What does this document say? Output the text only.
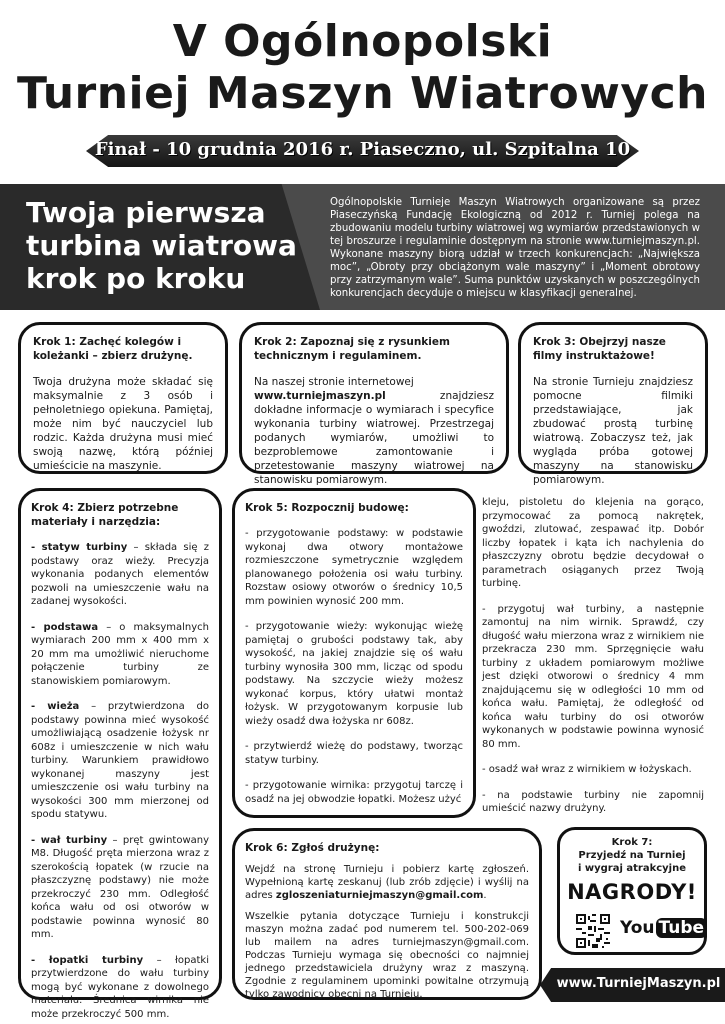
V Ogólnopolski
Turniej Maszyn Wiatrowych
Finał - 10 grudnia 2016 r. Piaseczno, ul. Szpitalna 10
Twoja pierwsza
turbina wiatrowa
krok po kroku
Ogólnopolskie Turnieje Maszyn Wiatrowych organizowane są przez Piaseczyńską Fundację Ekologiczną od 2012 r. Turniej polega na zbudowaniu modelu turbiny wiatrowej wg wymiarów przedstawionych w tej broszurze i regulaminie dostępnym na stronie www.turniejmaszyn.pl. Wykonane maszyny biorą udział w trzech konkurencjach: „Największa moc”, „Obroty przy obciążonym wale maszyny” i „Moment obrotowy przy zatrzymanym wale”. Suma punktów uzyskanych w poszczególnych konkurencjach decyduje o miejscu w klasyfikacji generalnej.
Krok 1: Zachęć kolegów i koleżanki – zbierz drużynę.
Twoja drużyna może składać się maksymalnie z 3 osób i pełnoletniego opiekuna. Pamiętaj, może nim być nauczyciel lub rodzic. Każda drużyna musi mieć swoją nazwę, którą później umieścicie na maszynie.
Krok 2: Zapoznaj się z rysunkiem technicznym i regulaminem.
Na naszej stronie internetowej
www.turniejmaszyn.pl znajdziesz dokładne informacje o wymiarach i specyfice wykonania turbiny wiatrowej. Przestrzegaj podanych wymiarów, umożliwi to bezproblemowe zamontowanie i przetestowanie maszyny wiatrowej na stanowisku pomiarowym.
Krok 3: Obejrzyj nasze filmy instruktażowe!
Na stronie Turnieju znajdziesz pomocne filmiki przedstawiające, jak zbudować prostą turbinę wiatrową. Zobaczysz też, jak wygląda próba gotowej maszyny na stanowisku pomiarowym.
Krok 4: Zbierz potrzebne materiały i narzędzia:
- statyw turbiny – składa się z podstawy oraz wieży. Precyzja wykonania podanych elementów pozwoli na umieszczenie wału na zadanej wysokości.
- podstawa – o maksymalnych wymiarach 200 mm x 400 mm x 20 mm ma umożliwić nieruchome połączenie turbiny ze stanowiskiem pomiarowym.
- wieża – przytwierdzona do podstawy powinna mieć wysokość umożliwiającą osadzenie łożysk nr 608z i umieszczenie w nich wału turbiny. Warunkiem prawidłowo wykonanej maszyny jest umieszczenie osi wału turbiny na wysokości 300 mm mierzonej od spodu statywu.
- wał turbiny – pręt gwintowany M8. Długość pręta mierzona wraz z szerokością łopatek (w rzucie na płaszczyznę podstawy) nie może przekroczyć 230 mm. Odległość końca wału od osi otworów w podstawie powinna wynosić 80 mm.
- łopatki turbiny – łopatki przytwierdzone do wału turbiny mogą być wykonane z dowolnego materiału. Średnica wirnika nie może przekroczyć 500 mm.
Krok 5: Rozpocznij budowę:
- przygotowanie podstawy: w podstawie wykonaj dwa otwory montażowe rozmieszczone symetrycznie względem planowanego położenia osi wału turbiny. Rozstaw osiowy otworów o średnicy 10,5 mm powinien wynosić 200 mm.
- przygotowanie wieży: wykonując wieżę pamiętaj o grubości podstawy tak, aby wysokość, na jakiej znajdzie się oś wału turbiny wynosiła 300 mm, licząc od spodu podstawy. Na szczycie wieży możesz wykonać korpus, który ułatwi montaż łożysk. W przygotowanym korpusie lub wieży osadź dwa łożyska nr 608z.
- przytwierdź wieżę do podstawy, tworząc statyw turbiny.
- przygotowanie wirnika: przygotuj tarczę i osadź na jej obwodzie łopatki. Możesz użyć
kleju, pistoletu do klejenia na gorąco, przymocować za pomocą nakrętek, gwoździ, zlutować, zespawać itp. Dobór liczby łopatek i kąta ich nachylenia do płaszczyzny obrotu będzie decydował o parametrach osiąganych przez Twoją turbinę.
- przygotuj wał turbiny, a następnie zamontuj na nim wirnik. Sprawdź, czy długość wału mierzona wraz z wirnikiem nie przekracza 230 mm. Sprzęgnięcie wału turbiny z układem pomiarowym możliwe jest dzięki otworowi o średnicy 4 mm znajdującemu się w odległości 10 mm od końca wału. Pamiętaj, że odległość od końca wału turbiny do osi otworów wykonanych w podstawie powinna wynosić 80 mm.
- osadź wał wraz z wirnikiem w łożyskach.
- na podstawie turbiny nie zapomnij umieścić nazwy drużyny.
Krok 6: Zgłoś drużynę:
Wejdź na stronę Turnieju i pobierz kartę zgłoszeń. Wypełnioną kartę zeskanuj (lub zrób zdjęcie) i wyślij na adres zgloszeniaturniejmaszyn@gmail.com.
Wszelkie pytania dotyczące Turnieju i konstrukcji maszyn można zadać pod numerem tel. 500-202-069 lub mailem na adres turniejmaszyn@gmail.com. Podczas Turnieju wymaga się obecności co najmniej jednego przedstawiciela drużyny wraz z maszyną. Zgodnie z regulaminem upominki powitalne otrzymują tylko zawodnicy obecni na Turnieju.
Krok 7:
Przyjedź na Turniej
i wygraj atrakcyjne
NAGRODY!
You Tube
www.TurniejMaszyn.pl
